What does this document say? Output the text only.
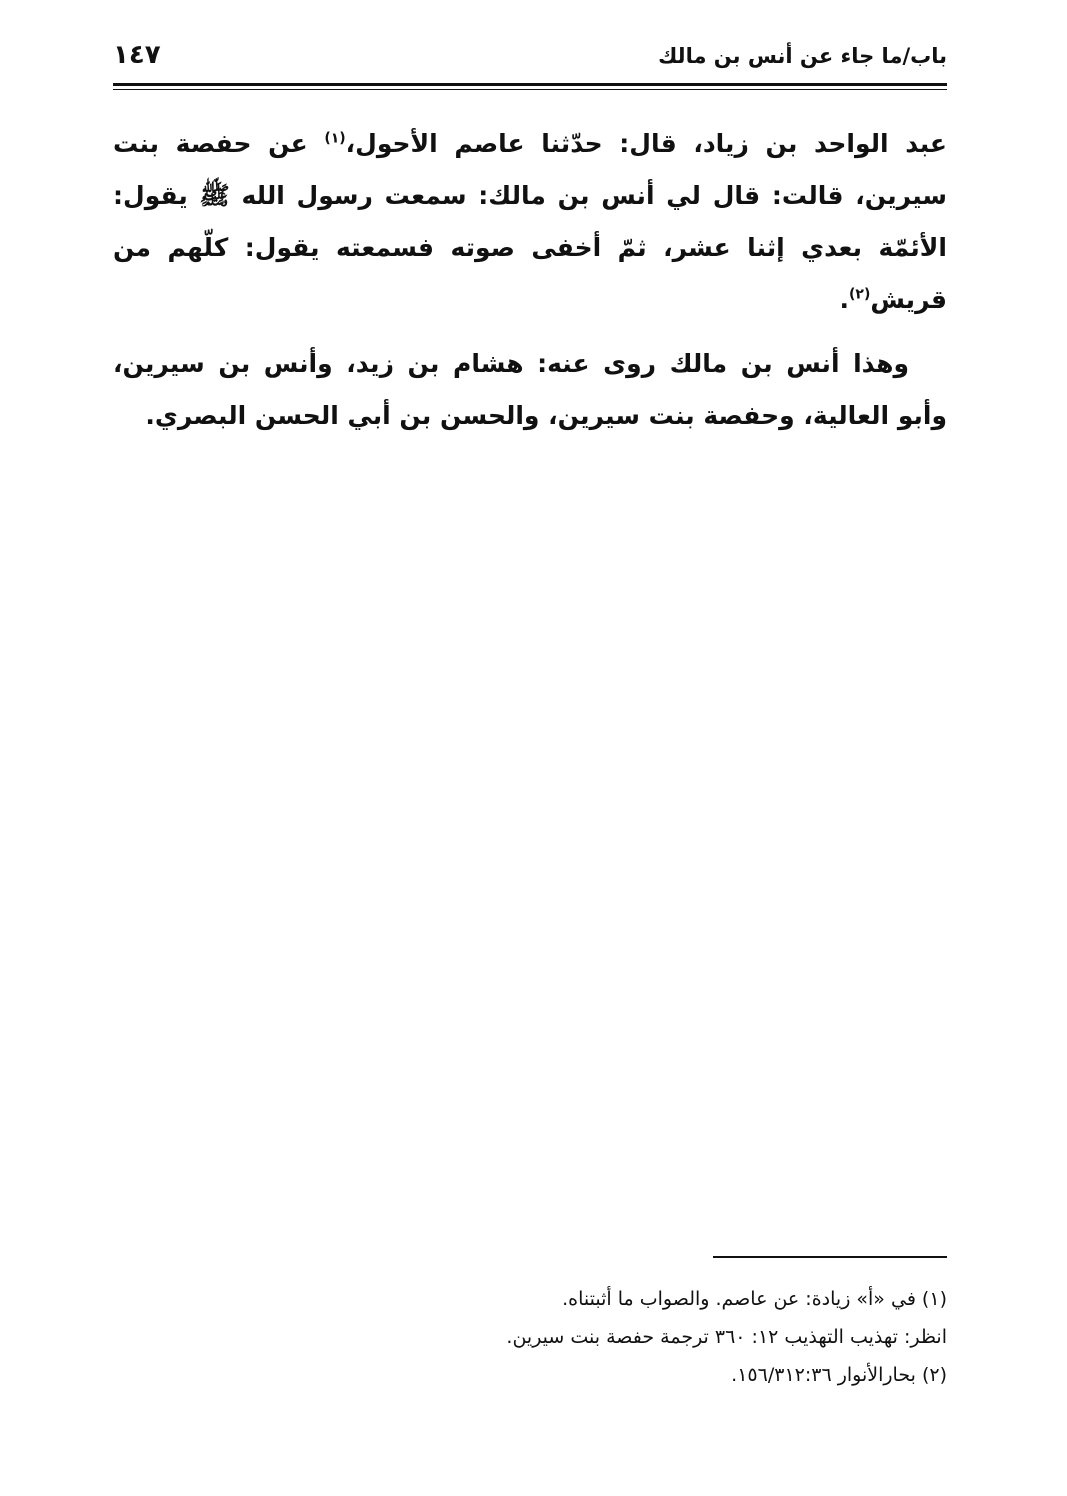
باب/ما جاء عن أنس بن مالك
١٤٧

عبد الواحد بن زياد، قال: حدّثنا عاصم الأحول،$^{(١)}$ عن حفصة بنت سيرين، قالت: قال لي أنس بن مالك: سمعت رسول الله ﷺ يقول: الأئمّة بعدي إثنا عشر، ثمّ أخفى صوته فسمعته يقول: كلّهم من قريش$^{(٢)}$.

وهذا أنس بن مالك روى عنه: هشام بن زيد، وأنس بن سيرين، وأبو العالية، وحفصة بنت سيرين، والحسن بن أبي الحسن البصري.

(١) في «أ» زيادة: عن عاصم. والصواب ما أثبتناه.
انظر: تهذيب التهذيب ١٢: ٣٦٠ ترجمة حفصة بنت سيرين.
(٢) بحارالأنوار ١٥٦/٣١٢:٣٦.
